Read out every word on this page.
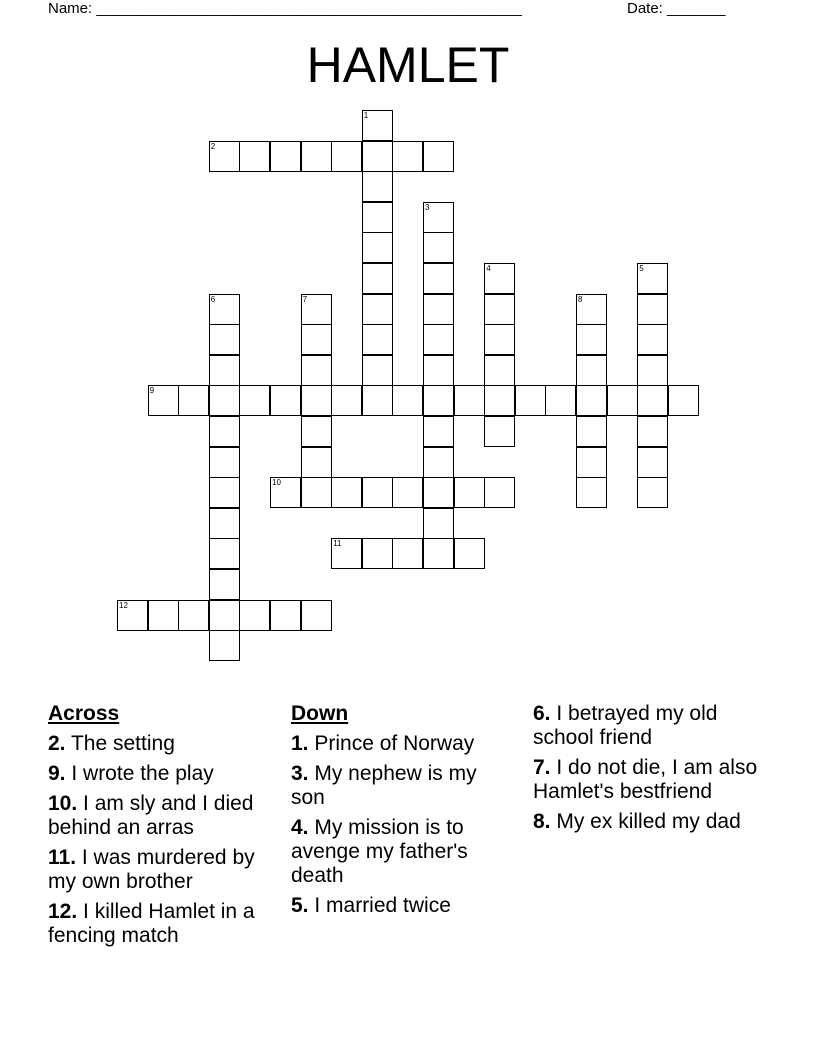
Name: ___________________________________________________	Date: _______
HAMLET
1
2
3
4	5
6	7	8
9
10
11
12
Across
2. The setting
9. I wrote the play
10. I am sly and I died behind an arras
11. I was murdered by my own brother
12. I killed Hamlet in a fencing match
Down
1. Prince of Norway
3. My nephew is my son
4. My mission is to avenge my father's death
5. I married twice
6. I betrayed my old school friend
7. I do not die, I am also Hamlet's bestfriend
8. My ex killed my dad
